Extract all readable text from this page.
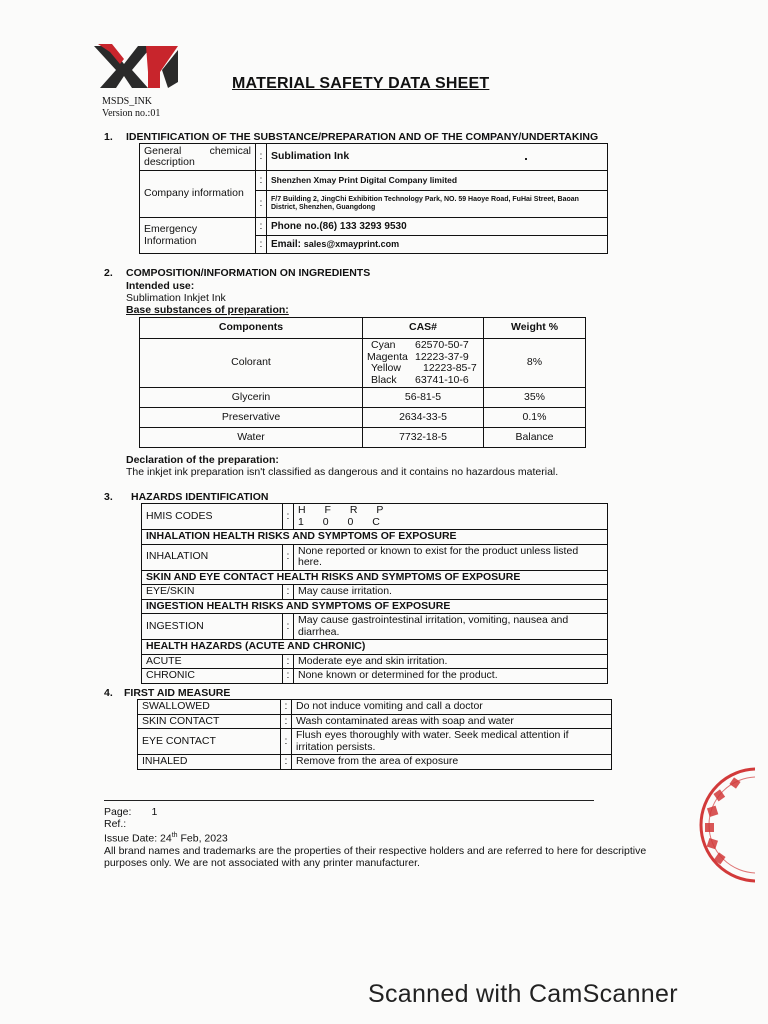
MATERIAL SAFETY DATA SHEET
MSDS_INK
Version no.:01
1. IDENTIFICATION OF THE SUBSTANCE/PREPARATION AND OF THE COMPANY/UNDERTAKING
General chemical description	:	Sublimation Ink
Company information	:	Shenzhen Xmay Print Digital Company limited
	:	F/7 Building 2, JingChi Exhibition Technology Park, NO. 59 Haoye Road, FuHai Street, Baoan District, Shenzhen, Guangdong
Emergency Information	:	Phone no.(86) 133 3293 9530
	:	Email: sales@xmayprint.com
2. COMPOSITION/INFORMATION ON INGREDIENTS
Intended use:
Sublimation Inkjet Ink
Base substances of preparation:
Components	CAS#	Weight %
Colorant	Cyan 62570-50-7
Magenta 12223-37-9
Yellow 12223-85-7
Black 63741-10-6	8%
Glycerin	56-81-5	35%
Preservative	2634-33-5	0.1%
Water	7732-18-5	Balance
Declaration of the preparation:
The inkjet ink preparation isn't classified as dangerous and it contains no hazardous material.
3. HAZARDS IDENTIFICATION
HMIS CODES	:	H F R P
1 0 0 C

INHALATION HEALTH RISKS AND SYMPTOMS OF EXPOSURE		
INHALATION	:	None reported or known to exist for the product unless listed here.
SKIN AND EYE CONTACT HEALTH RISKS AND SYMPTOMS OF EXPOSURE		
EYE/SKIN	:	May cause irritation.
INGESTION HEALTH RISKS AND SYMPTOMS OF EXPOSURE		
INGESTION	:	May cause gastrointestinal irritation, vomiting, nausea and diarrhea.
HEALTH HAZARDS (ACUTE AND CHRONIC)		
ACUTE	:	Moderate eye and skin irritation.
CHRONIC	:	None known or determined for the product.
4. FIRST AID MEASURE
SWALLOWED	:	Do not induce vomiting and call a doctor
SKIN CONTACT	:	Wash contaminated areas with soap and water
EYE CONTACT	:	Flush eyes thoroughly with water. Seek medical attention if irritation persists.
INHALED	:	Remove from the area of exposure
Page: 1
Ref.:
Issue Date: 24th Feb, 2023
All brand names and trademarks are the properties of their respective holders and are referred to here for descriptive purposes only. We are not associated with any printer manufacturer.
Scanned with CamScanner
